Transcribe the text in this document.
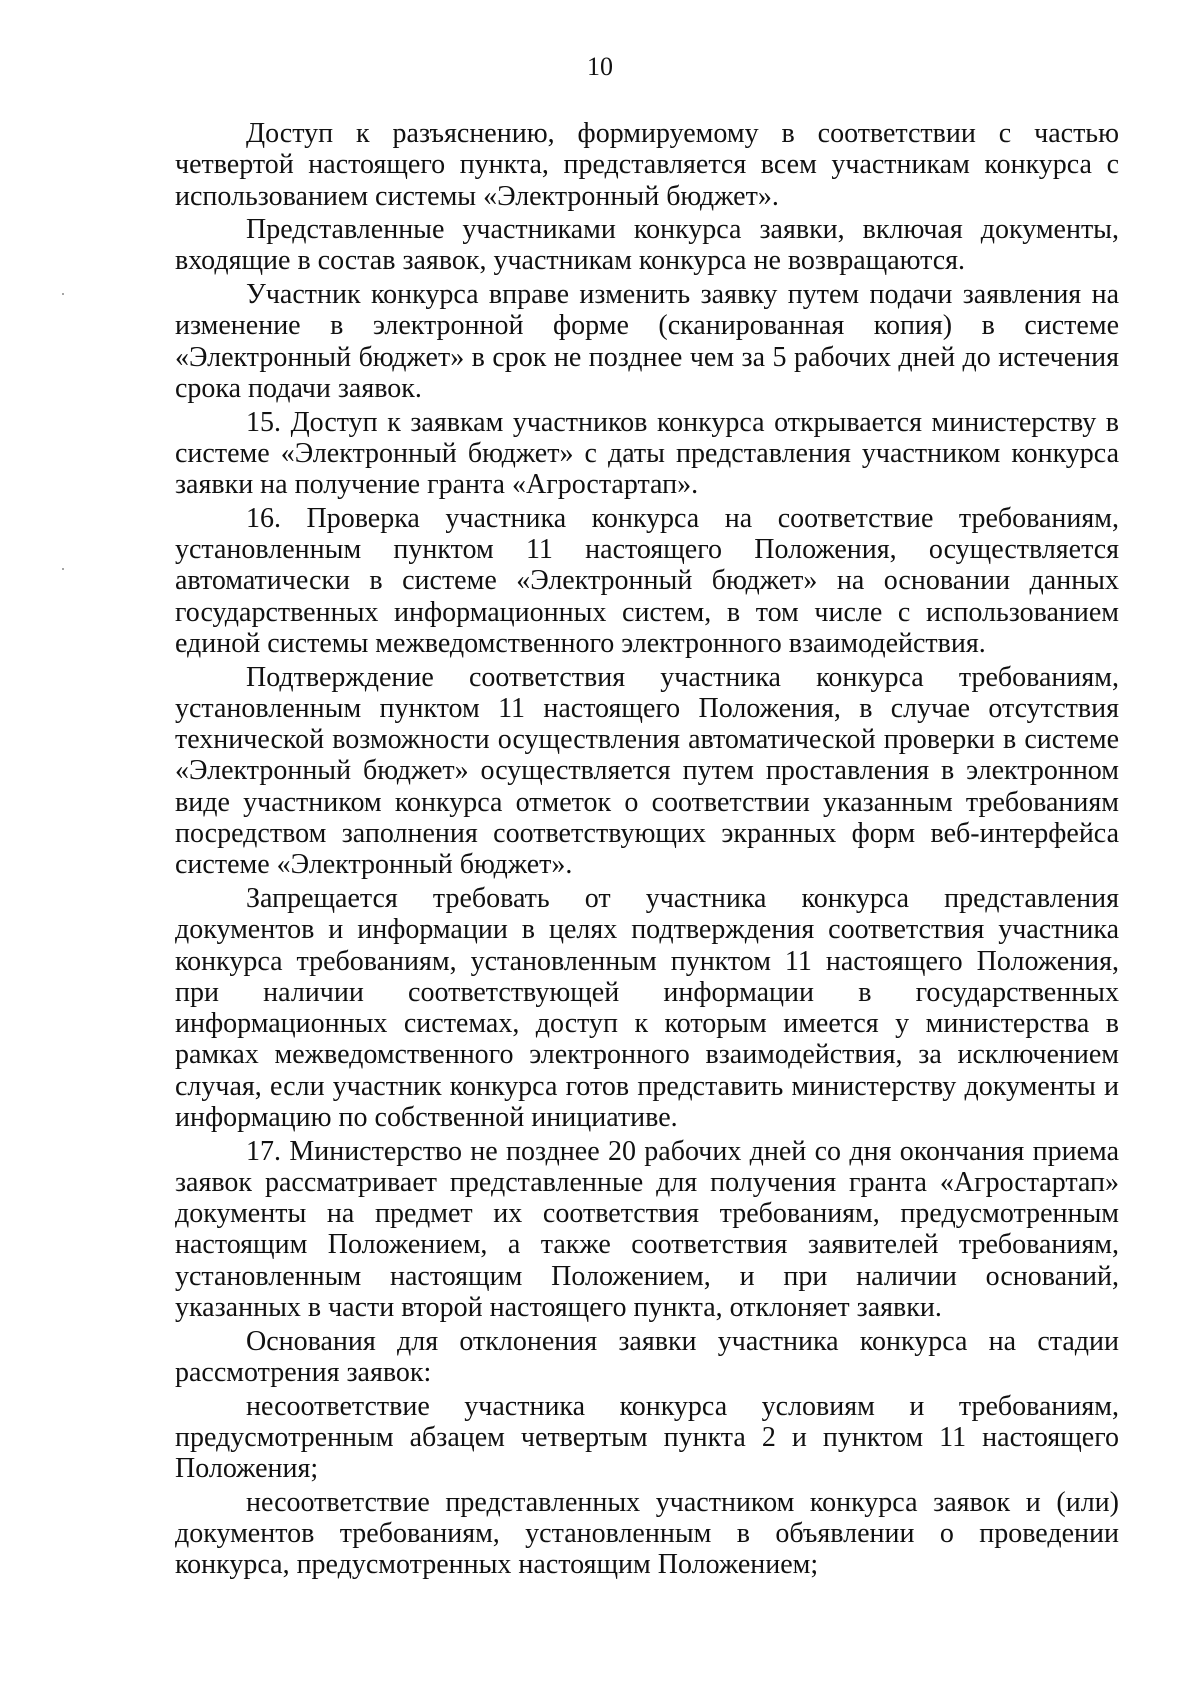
10

Доступ к разъяснению, формируемому в соответствии с частью четвертой настоящего пункта, представляется всем участникам конкурса с использованием системы «Электронный бюджет».

Представленные участниками конкурса заявки, включая документы, входящие в состав заявок, участникам конкурса не возвращаются.

Участник конкурса вправе изменить заявку путем подачи заявления на изменение в электронной форме (сканированная копия) в системе «Электронный бюджет» в срок не позднее чем за 5 рабочих дней до истечения срока подачи заявок.

15. Доступ к заявкам участников конкурса открывается министерству в системе «Электронный бюджет» с даты представления участником конкурса заявки на получение гранта «Агростартап».

16. Проверка участника конкурса на соответствие требованиям, установленным пунктом 11 настоящего Положения, осуществляется автоматически в системе «Электронный бюджет» на основании данных государственных информационных систем, в том числе с использованием единой системы межведомственного электронного взаимодействия.

Подтверждение соответствия участника конкурса требованиям, установленным пунктом 11 настоящего Положения, в случае отсутствия технической возможности осуществления автоматической проверки в системе «Электронный бюджет» осуществляется путем проставления в электронном виде участником конкурса отметок о соответствии указанным требованиям посредством заполнения соответствующих экранных форм веб-интерфейса системе «Электронный бюджет».

Запрещается требовать от участника конкурса представления документов и информации в целях подтверждения соответствия участника конкурса требованиям, установленным пунктом 11 настоящего Положения, при наличии соответствующей информации в государственных информационных системах, доступ к которым имеется у министерства в рамках межведомственного электронного взаимодействия, за исключением случая, если участник конкурса готов представить министерству документы и информацию по собственной инициативе.

17. Министерство не позднее 20 рабочих дней со дня окончания приема заявок рассматривает представленные для получения гранта «Агростартап» документы на предмет их соответствия требованиям, предусмотренным настоящим Положением, а также соответствия заявителей требованиям, установленным настоящим Положением, и при наличии оснований, указанных в части второй настоящего пункта, отклоняет заявки.

Основания для отклонения заявки участника конкурса на стадии рассмотрения заявок:

несоответствие участника конкурса условиям и требованиям, предусмотренным абзацем четвертым пункта 2 и пунктом 11 настоящего Положения;

несоответствие представленных участником конкурса заявок и (или) документов требованиям, установленным в объявлении о проведении конкурса, предусмотренных настоящим Положением;
